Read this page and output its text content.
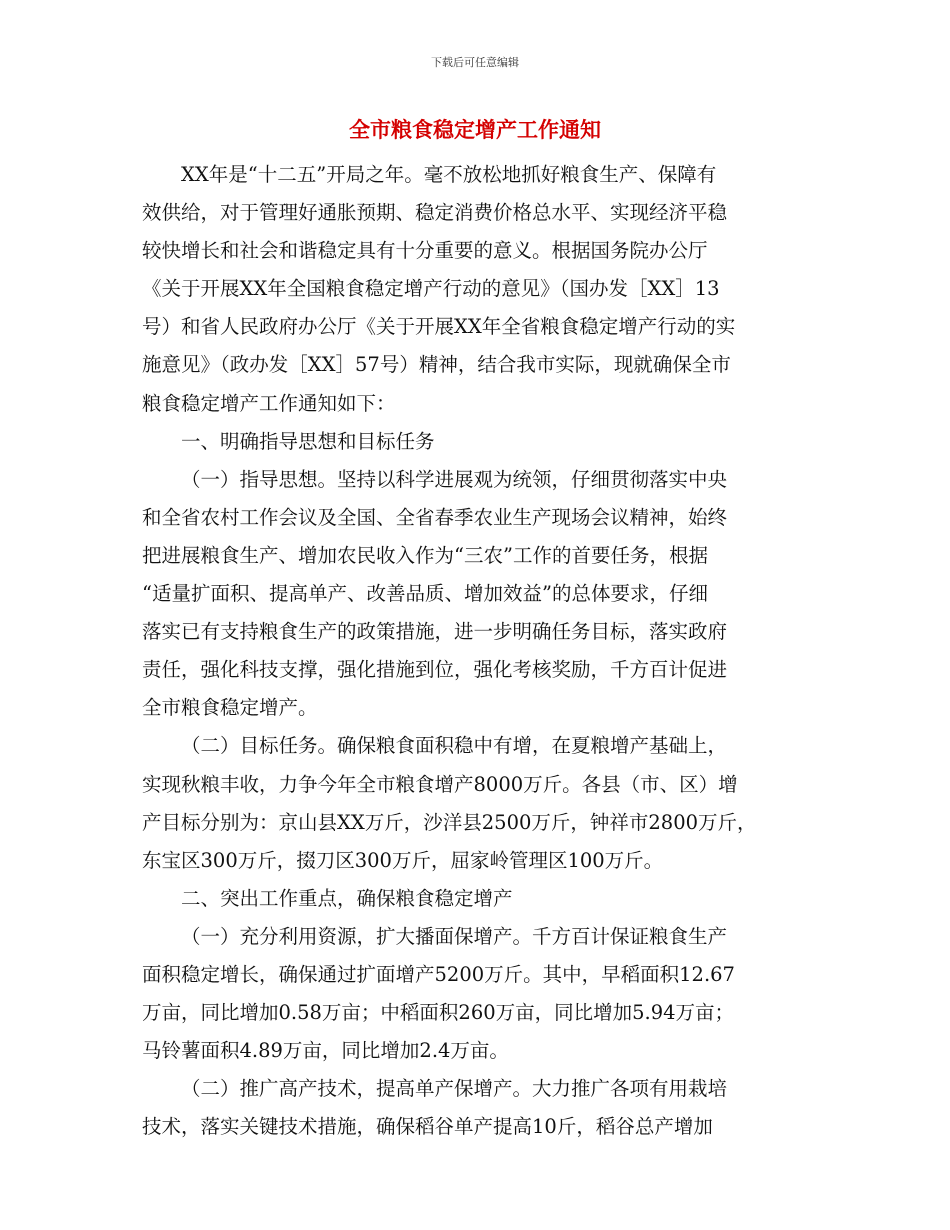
下载后可任意编辑
全市粮食稳定增产工作通知
XX年是“十二五”开局之年。毫不放松地抓好粮食生产、保障有
效供给，对于管理好通胀预期、稳定消费价格总水平、实现经济平稳
较快增长和社会和谐稳定具有十分重要的意义。根据国务院办公厅
《关于开展XX年全国粮食稳定增产行动的意见》（国办发［XX］13
号）和省人民政府办公厅《关于开展XX年全省粮食稳定增产行动的实
施意见》（政办发［XX］57号）精神，结合我市实际，现就确保全市
粮食稳定增产工作通知如下：
一、明确指导思想和目标任务
（一）指导思想。坚持以科学进展观为统领，仔细贯彻落实中央
和全省农村工作会议及全国、全省春季农业生产现场会议精神，始终
把进展粮食生产、增加农民收入作为“三农”工作的首要任务，根据
“适量扩面积、提高单产、改善品质、增加效益”的总体要求，仔细
落实已有支持粮食生产的政策措施，进一步明确任务目标，落实政府
责任，强化科技支撑，强化措施到位，强化考核奖励，千方百计促进
全市粮食稳定增产。
（二）目标任务。确保粮食面积稳中有增，在夏粮增产基础上，
实现秋粮丰收，力争今年全市粮食增产8000万斤。各县（市、区）增
产目标分别为：京山县XX万斤，沙洋县2500万斤，钟祥市2800万斤，
东宝区300万斤，掇刀区300万斤，屈家岭管理区100万斤。
二、突出工作重点，确保粮食稳定增产
（一）充分利用资源，扩大播面保增产。千方百计保证粮食生产
面积稳定增长，确保通过扩面增产5200万斤。其中，早稻面积12.67
万亩，同比增加0.58万亩；中稻面积260万亩，同比增加5.94万亩；
马铃薯面积4.89万亩，同比增加2.4万亩。
（二）推广高产技术，提高单产保增产。大力推广各项有用栽培
技术，落实关键技术措施，确保稻谷单产提高10斤，稻谷总产增加
